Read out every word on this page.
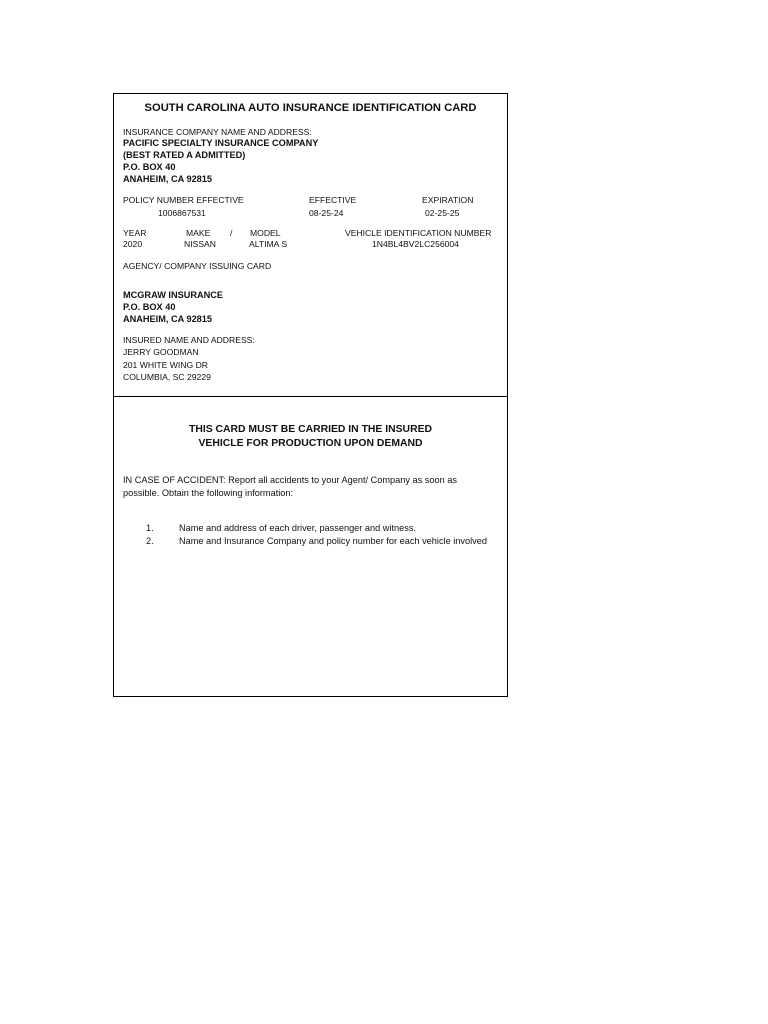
SOUTH CAROLINA AUTO INSURANCE IDENTIFICATION CARD
INSURANCE COMPANY NAME AND ADDRESS:
PACIFIC SPECIALTY INSURANCE COMPANY
(BEST RATED A ADMITTED)
P.O. BOX 40
ANAHEIM, CA 92815
POLICY NUMBER EFFECTIVE	EFFECTIVE	EXPIRATION
1006867531	08-25-24	02-25-25
YEAR	MAKE / MODEL	VEHICLE IDENTIFICATION NUMBER
2020	NISSAN	ALTIMA S	1N4BL4BV2LC256004
AGENCY/ COMPANY ISSUING CARD
MCGRAW INSURANCE
P.O. BOX 40
ANAHEIM, CA 92815
INSURED NAME AND ADDRESS:
JERRY GOODMAN
201 WHITE WING DR
COLUMBIA, SC 29229
THIS CARD MUST BE CARRIED IN THE INSURED
VEHICLE FOR PRODUCTION UPON DEMAND
IN CASE OF ACCIDENT: Report all accidents to your Agent/ Company as soon as possible. Obtain the following information:
1.	Name and address of each driver, passenger and witness.
2.	Name and Insurance Company and policy number for each vehicle involved
